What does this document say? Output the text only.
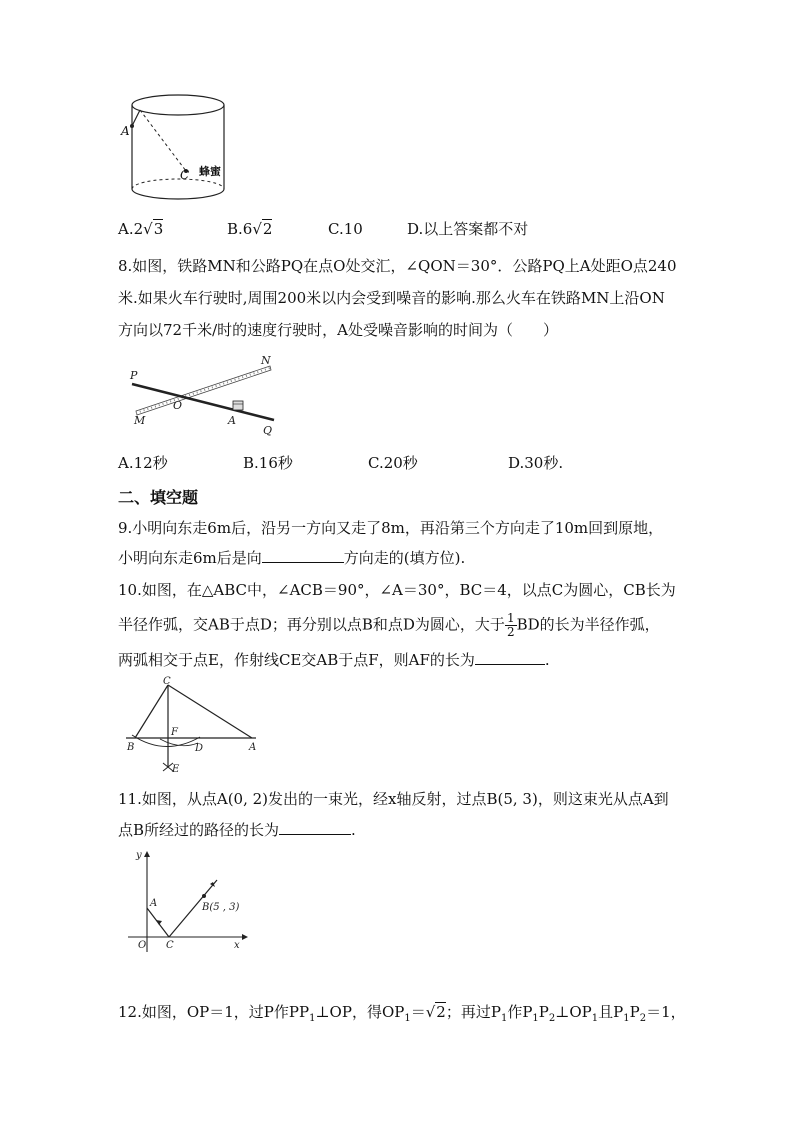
A
C 蜂蜜
A.2√3	B.6√2	C.10	D.以上答案都不对
8.如图，铁路MN和公路PQ在点O处交汇，∠QON＝30°．公路PQ上A处距O点240
米.如果火车行驶时,周围200米以内会受到噪音的影响.那么火车在铁路MN上沿ON
方向以72千米/时的速度行驶时，A处受噪音影响的时间为（　　）
P
N
O
M	A
Q
A.12秒	B.16秒	C.20秒	D.30秒.
二、填空题
9.小明向东走6m后，沿另一方向又走了8m，再沿第三个方向走了10m回到原地，
小明向东走6m后是向	方向走的(填方位).
10.如图，在△ABC中，∠ACB＝90°，∠A＝30°，BC＝4，以点C为圆心，CB长为
半径作弧，交AB于点D；再分别以点B和点D为圆心，大于 $\frac{1}{2}$ BD的长为半径作弧，
两弧相交于点E，作射线CE交AB于点F，则AF的长为	.
C
F
B	D	A
E
11.如图，从点A(0, 2)发出的一束光，经x轴反射，过点B(5, 3)，则这束光从点A到
点B所经过的路径的长为	.
y
A	B(5 , 3)
O C	x
12.如图，OP＝1，过P作$PP_1\perp OP$，得$OP_1=√2$；再过$P_1$作$P_1P_2\perp OP_1$且$P_1P_2=1$，
